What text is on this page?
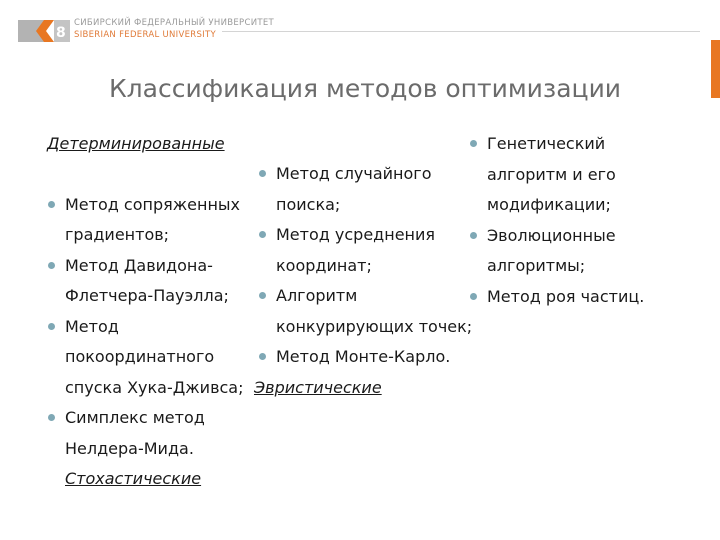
8
СИБИРСКИЙ ФЕДЕРАЛЬНЫЙ УНИВЕРСИТЕТ
SIBERIAN FEDERAL UNIVERSITY
Классификация методов оптимизации
Детерминированные
Метод сопряженных градиентов;
Метод Давидона-Флетчера-Пауэлла;
Метод покоординатного спуска Хука-Дживса;
Симплекс метод Нелдера-Мида.
Стохастические
Метод случайного поиска;
Метод усреднения координат;
Алгоритм конкурирующих точек;
Метод Монте-Карло.
Эвристические
Генетический алгоритм и его модификации;
Эволюционные алгоритмы;
Метод роя частиц.
